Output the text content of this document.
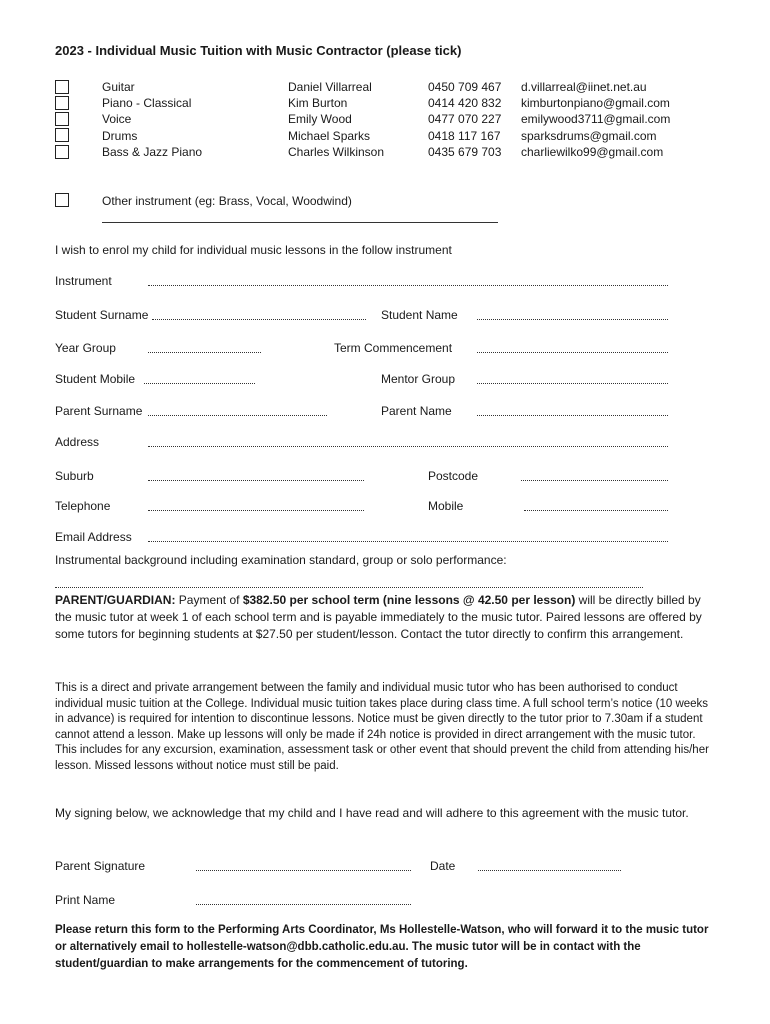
2023 - Individual Music Tuition with Music Contractor (please tick)
Guitar	Daniel Villarreal	0450 709 467 d.villarreal@iinet.net.au
Piano - Classical	Kim Burton	0414 420 832 kimburtonpiano@gmail.com
Voice	Emily Wood	0477 070 227 emilywood3711@gmail.com
Drums	Michael Sparks	0418 117 167 sparksdrums@gmail.com
Bass & Jazz Piano	Charles Wilkinson	0435 679 703 charliewilko99@gmail.com
Other instrument (eg: Brass, Vocal, Woodwind)
I wish to enrol my child for individual music lessons in the follow instrument
Instrument
Student Surname	Student Name
Year Group	Term Commencement
Student Mobile	Mentor Group
Parent Surname	Parent Name
Address
Suburb	Postcode
Telephone	Mobile
Email Address
Instrumental background including examination standard, group or solo performance:
PARENT/GUARDIAN: Payment of $382.50 per school term (nine lessons @ 42.50 per lesson) will be directly billed by the music tutor at week 1 of each school term and is payable immediately to the music tutor. Paired lessons are offered by some tutors for beginning students at $27.50 per student/lesson. Contact the tutor directly to confirm this arrangement.
This is a direct and private arrangement between the family and individual music tutor who has been authorised to conduct individual music tuition at the College. Individual music tuition takes place during class time. A full school term’s notice (10 weeks in advance) is required for intention to discontinue lessons. Notice must be given directly to the tutor prior to 7.30am if a student cannot attend a lesson. Make up lessons will only be made if 24h notice is provided in direct arrangement with the music tutor. This includes for any excursion, examination, assessment task or other event that should prevent the child from attending his/her lesson. Missed lessons without notice must still be paid.
My signing below, we acknowledge that my child and I have read and will adhere to this agreement with the music tutor.
Parent Signature	Date
Print Name
Please return this form to the Performing Arts Coordinator, Ms Hollestelle-Watson, who will forward it to the music tutor or alternatively email to hollestelle-watson@dbb.catholic.edu.au. The music tutor will be in contact with the student/guardian to make arrangements for the commencement of tutoring.
